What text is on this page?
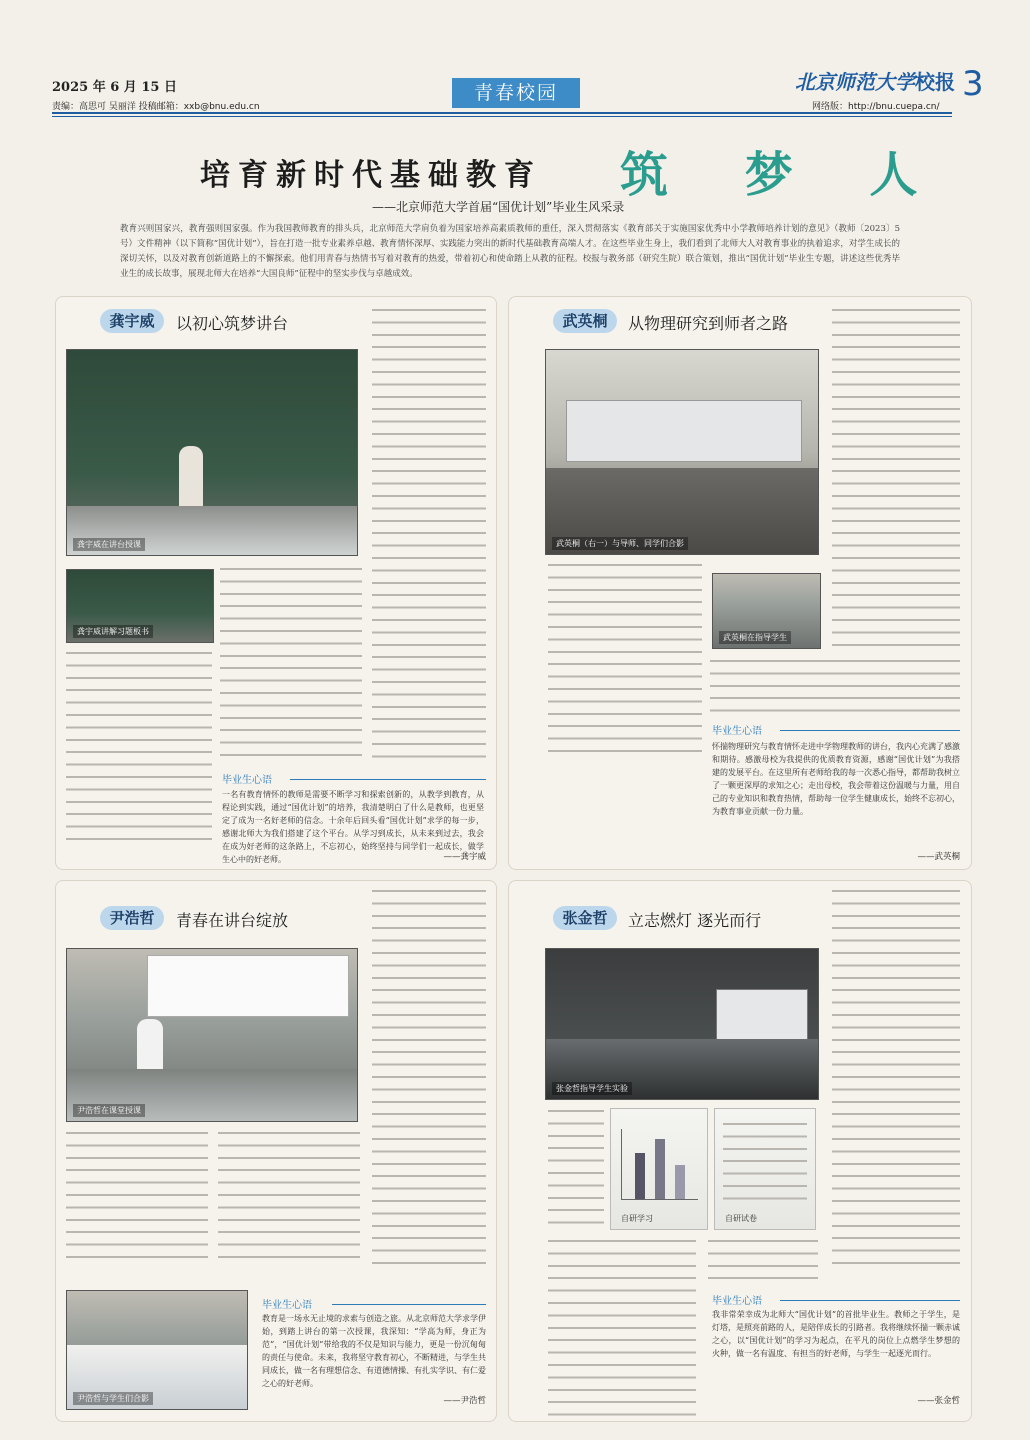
2025 年 6 月 15 日
责编：高思可 吴丽洋 投稿邮箱：xxb@bnu.edu.cn
青春校园	北京师范大学校报 3
网络版：http://bnu.cuepa.cn/
培育新时代基础教育 筑 梦 人
——北京师范大学首届“国优计划”毕业生风采录
教育兴则国家兴，教育强则国家强。作为我国教师教育的排头兵，北京师范大学肩负着为国家培养高素质教师的重任，深入贯彻落实《教育部关于实施国家优秀中小学教师培养计划的意见》（教师〔2023〕5号）文件精神（以下简称“国优计划”），旨在打造一批专业素养卓越、教育情怀深厚、实践能力突出的新时代基础教育高端人才。在这些毕业生身上，我们看到了北师大人对教育事业的执着追求，对学生成长的深切关怀，以及对教育创新道路上的不懈探索。他们用青春与热情书写着对教育的热爱，带着初心和使命踏上从教的征程。校报与教务部（研究生院）联合策划，推出“国优计划”毕业生专题，讲述这些优秀毕业生的成长故事，展现北师大在培养“大国良师”征程中的坚实步伐与卓越成效。
龚宇威	以初心筑梦讲台
龚宇威在讲台授课
龚宇威讲解习题板书
毕业生心语
一名有教育情怀的教师是需要不断学习和探索创新的，从教学到教育，从程论到实践，通过“国优计划”的培养，我清楚明白了什么是教师，也更坚定了成为一名好老师的信念。十余年后回头看“国优计划”求学的每一步，感谢北师大为我们搭建了这个平台。从学习到成长，从未来到过去，我会在成为好老师的这条路上，不忘初心，始终坚持与同学们一起成长，做学生心中的好老师。	——龚宇威
武英桐	从物理研究到师者之路
武英桐（右一）与导师、同学们合影
武英桐在指导学生
毕业生心语
怀揣物理研究与教育情怀走进中学物理教师的讲台，我内心充满了感激和期待。感激母校为我提供的优质教育资源，感谢“国优计划”为我搭建的发展平台。在这里所有老师给我的每一次悉心指导，都帮助我树立了一颗更深厚的求知之心；走出母校，我会带着这份温暖与力量，用自己的专业知识和教育热情，帮助每一位学生健康成长，始终不忘初心，为教育事业贡献一份力量。
——武英桐
尹浩哲	青春在讲台绽放
尹浩哲在课堂授课
尹浩哲与学生们合影
毕业生心语
教育是一场永无止境的求索与创造之旅。从北京师范大学求学伊始，到踏上讲台的第一次授课，我深知：“学高为师，身正为范”，“国优计划”带给我的不仅是知识与能力，更是一份沉甸甸的责任与使命。未来，我将坚守教育初心，不断精进，与学生共同成长，做一名有理想信念、有道德情操、有扎实学识、有仁爱之心的好老师。
——尹浩哲
张金哲	立志燃灯 逐光而行
张金哲指导学生实验
自研学习	自研试卷
毕业生心语
我非常荣幸成为北师大“国优计划”的首批毕业生。教师之于学生，是灯塔，是照亮前路的人，是陪伴成长的引路者。我将继续怀揣一颗赤诚之心，以“国优计划”的学习为起点，在平凡的岗位上点燃学生梦想的火种，做一名有温度、有担当的好老师，与学生一起逐光而行。
——张金哲
